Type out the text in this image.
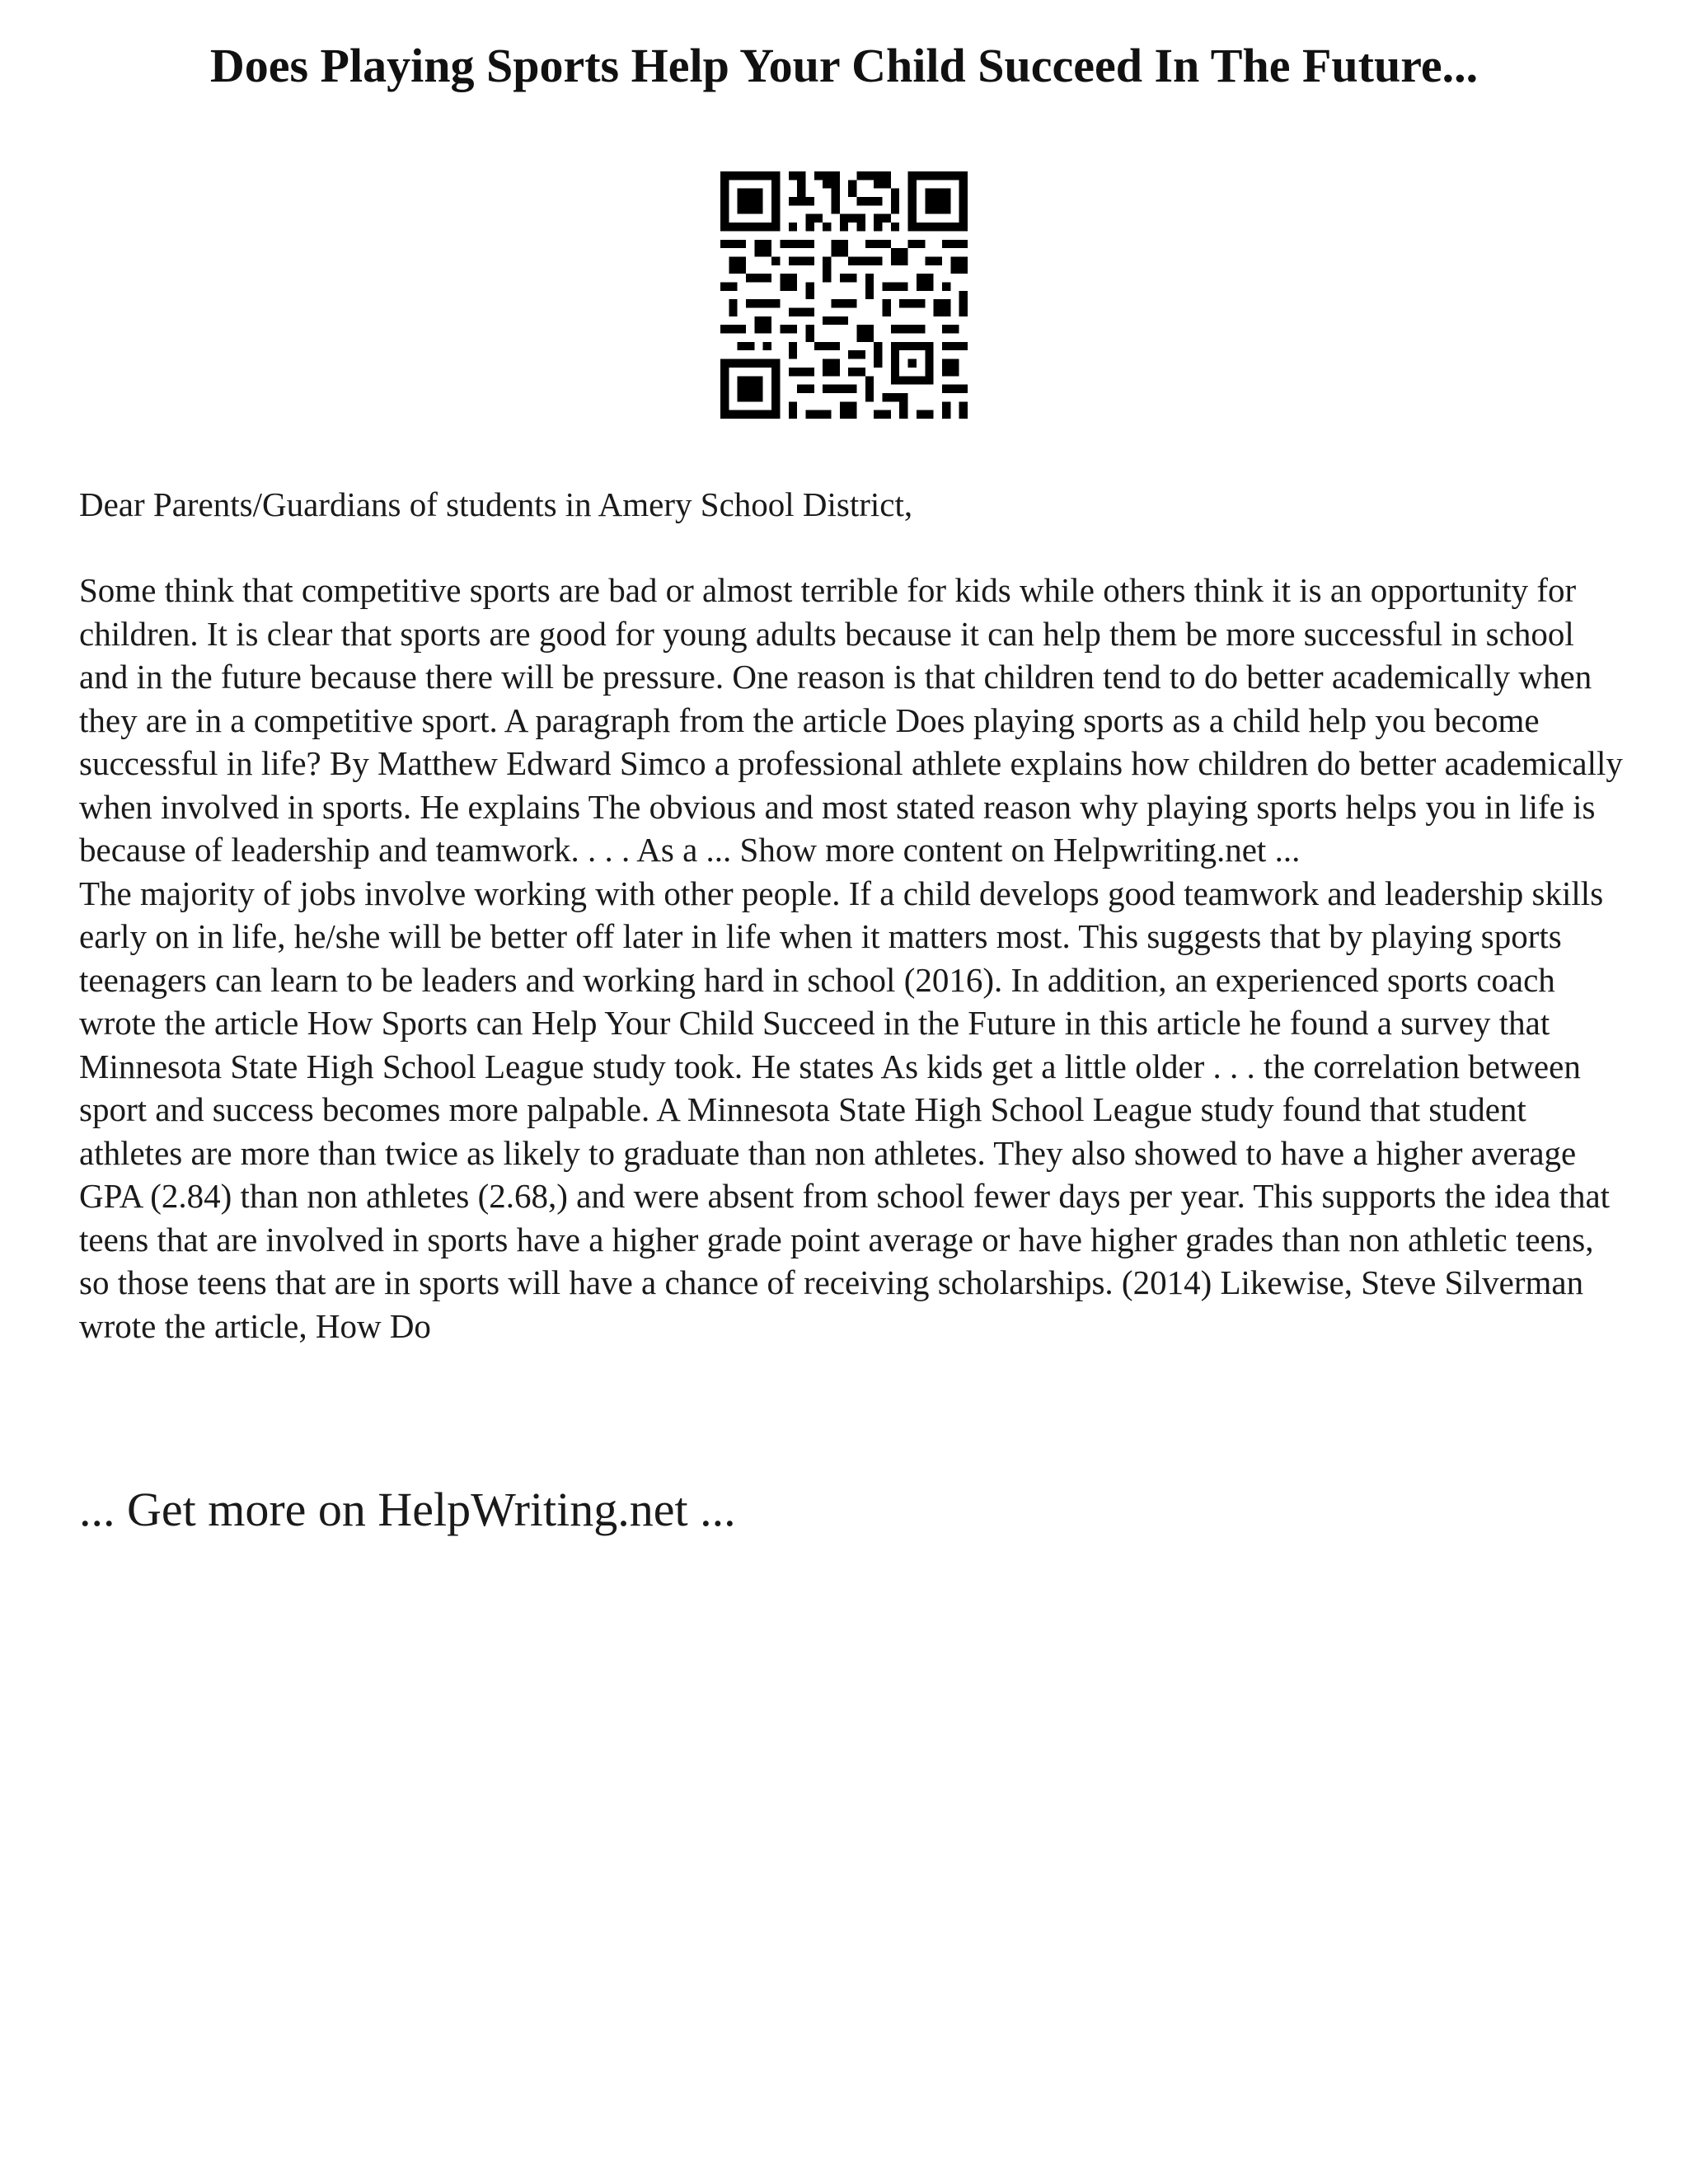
Does Playing Sports Help Your Child Succeed In The Future...

Dear Parents/Guardians of students in Amery School District,

Some think that competitive sports are bad or almost terrible for kids while others think it is an opportunity for children. It is clear that sports are good for young adults because it can help them be more successful in school and in the future because there will be pressure. One reason is that children tend to do better academically when they are in a competitive sport. A paragraph from the article Does playing sports as a child help you become successful in life? By Matthew Edward Simco a professional athlete explains how children do better academically when involved in sports. He explains The obvious and most stated reason why playing sports helps you in life is because of leadership and teamwork. . . . As a ... Show more content on Helpwriting.net ...

The majority of jobs involve working with other people. If a child develops good teamwork and leadership skills early on in life, he/she will be better off later in life when it matters most. This suggests that by playing sports teenagers can learn to be leaders and working hard in school (2016). In addition, an experienced sports coach wrote the article How Sports can Help Your Child Succeed in the Future in this article he found a survey that Minnesota State High School League study took. He states As kids get a little older . . . the correlation between sport and success becomes more palpable. A Minnesota State High School League study found that student athletes are more than twice as likely to graduate than non athletes. They also showed to have a higher average GPA (2.84) than non athletes (2.68,) and were absent from school fewer days per year. This supports the idea that teens that are involved in sports have a higher grade point average or have higher grades than non athletic teens, so those teens that are in sports will have a chance of receiving scholarships. (2014) Likewise, Steve Silverman wrote the article, How Do

... Get more on HelpWriting.net ...
